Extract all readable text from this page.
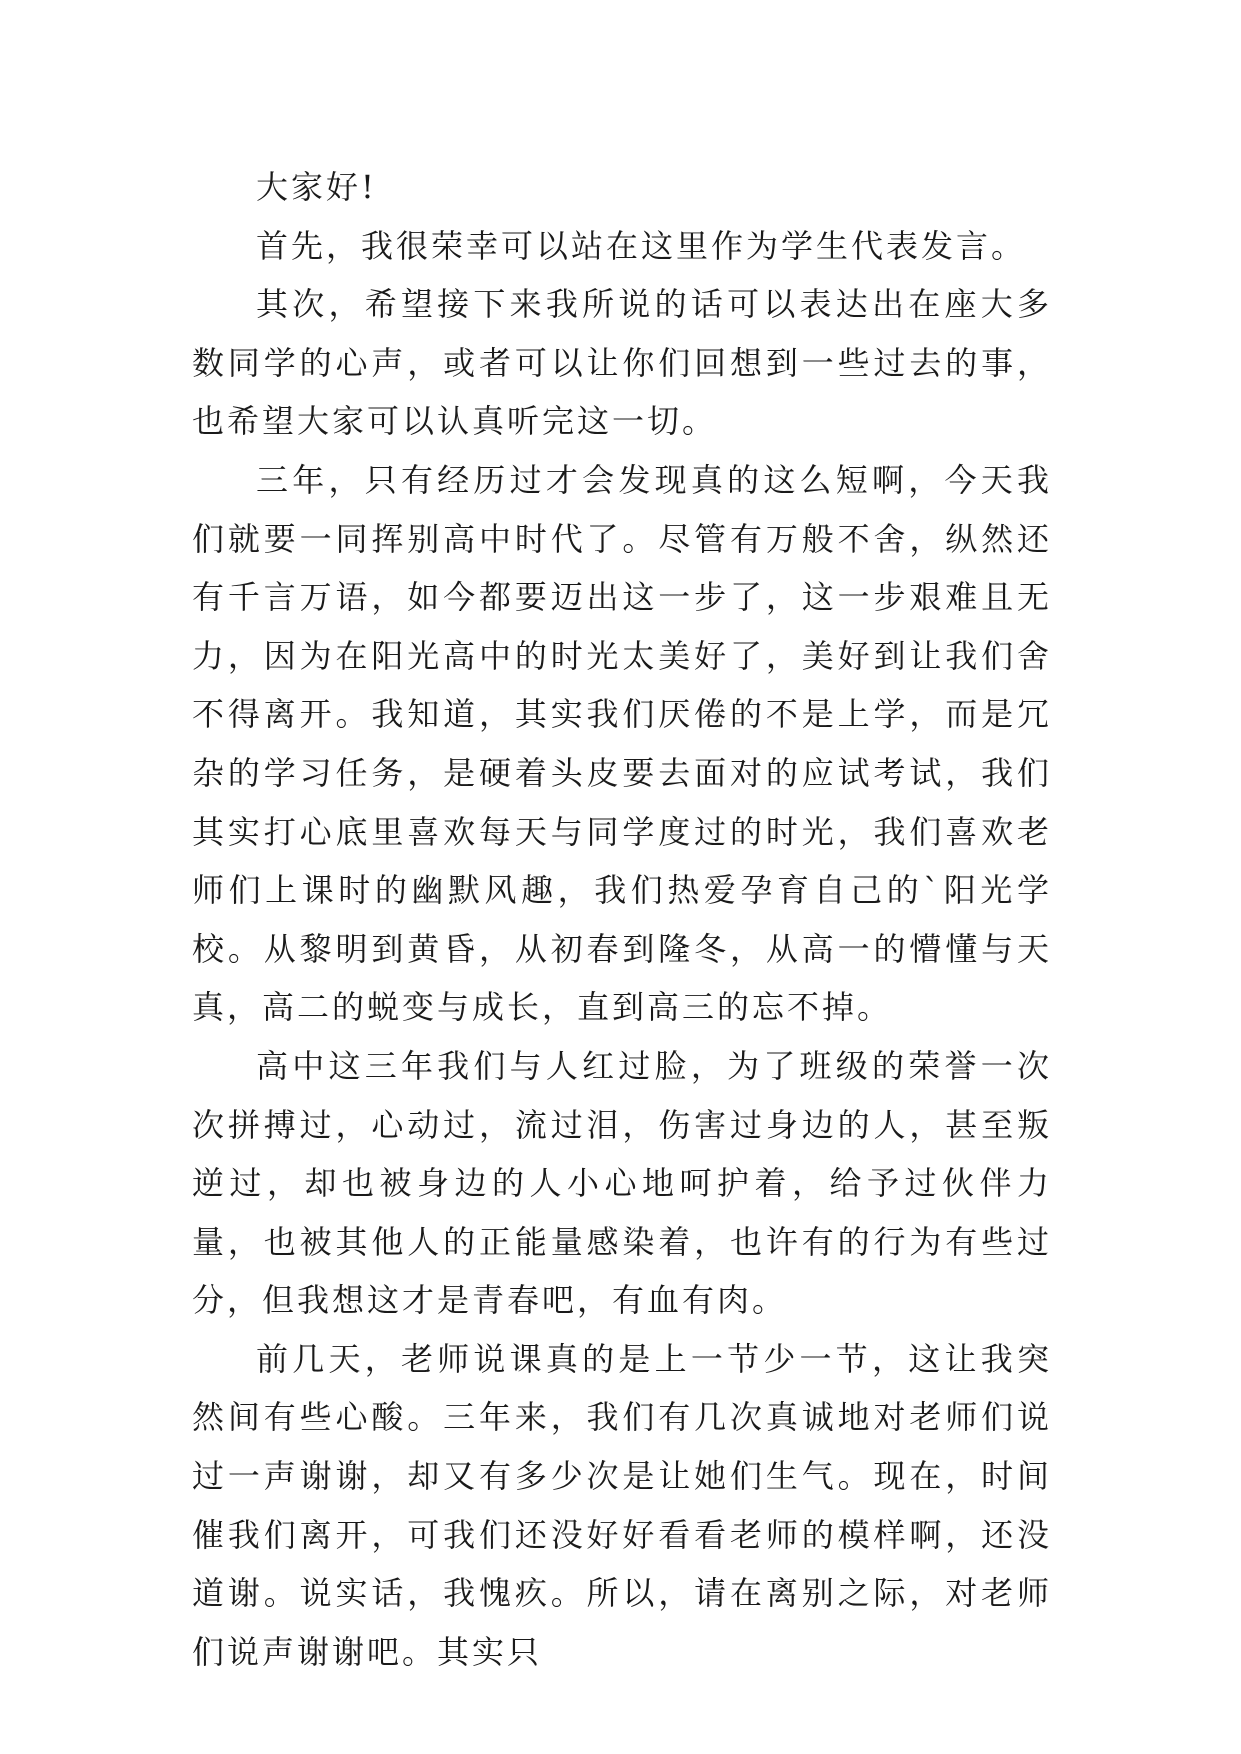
大家好!

首先，我很荣幸可以站在这里作为学生代表发言。

其次，希望接下来我所说的话可以表达出在座大多数同学的心声，或者可以让你们回想到一些过去的事，也希望大家可以认真听完这一切。

三年，只有经历过才会发现真的这么短啊，今天我们就要一同挥别高中时代了。尽管有万般不舍，纵然还有千言万语，如今都要迈出这一步了，这一步艰难且无力，因为在阳光高中的时光太美好了，美好到让我们舍不得离开。我知道，其实我们厌倦的不是上学，而是冗杂的学习任务，是硬着头皮要去面对的应试考试，我们其实打心底里喜欢每天与同学度过的时光，我们喜欢老师们上课时的幽默风趣，我们热爱孕育自己的`阳光学校。从黎明到黄昏，从初春到隆冬，从高一的懵懂与天真，高二的蜕变与成长，直到高三的忘不掉。

高中这三年我们与人红过脸，为了班级的荣誉一次次拼搏过，心动过，流过泪，伤害过身边的人，甚至叛逆过，却也被身边的人小心地呵护着，给予过伙伴力量，也被其他人的正能量感染着，也许有的行为有些过分，但我想这才是青春吧，有血有肉。

前几天，老师说课真的是上一节少一节，这让我突然间有些心酸。三年来，我们有几次真诚地对老师们说过一声谢谢，却又有多少次是让她们生气。现在，时间催我们离开，可我们还没好好看看老师的模样啊，还没道谢。说实话，我愧疚。所以，请在离别之际，对老师们说声谢谢吧。其实只
